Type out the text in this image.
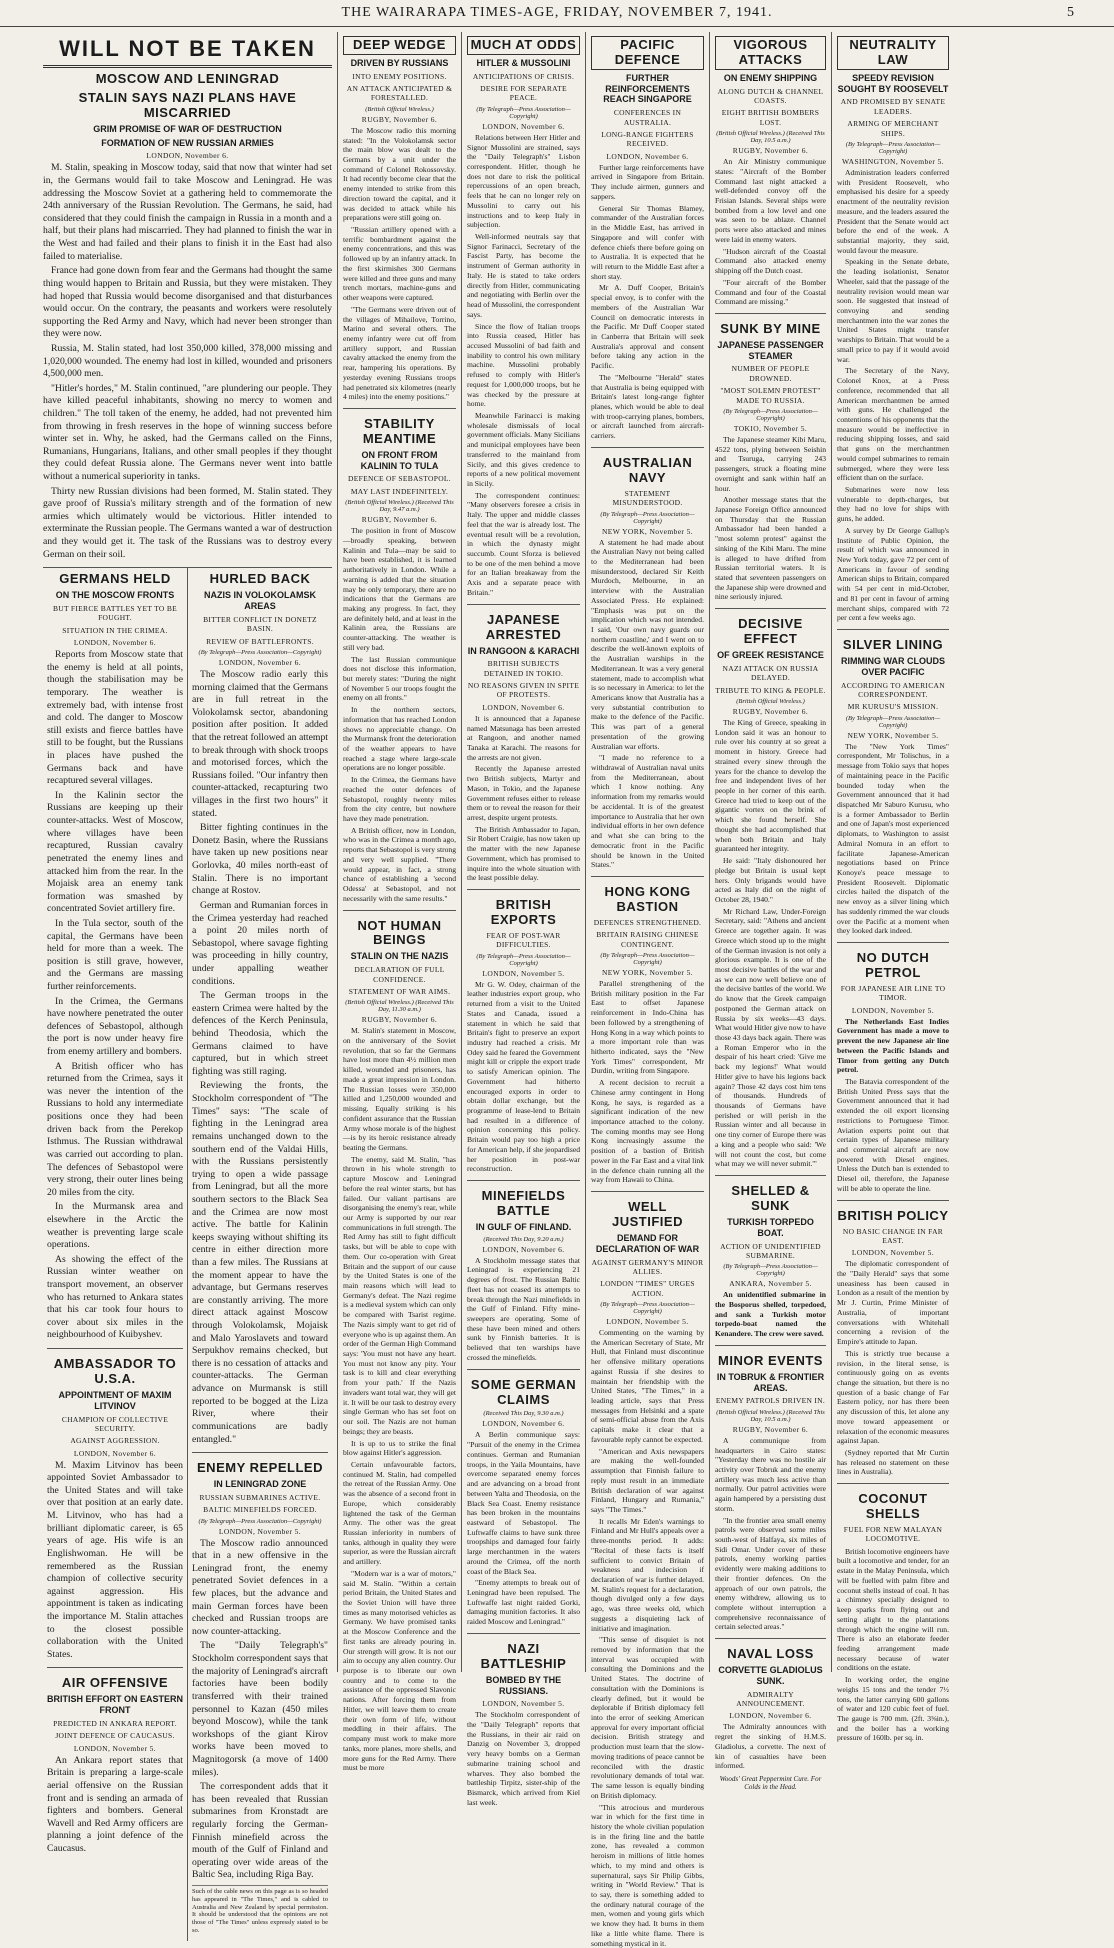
THE WAIRARAPA TIMES-AGE, FRIDAY, NOVEMBER 7, 1941.	5
WILL NOT BE TAKEN
MOSCOW AND LENINGRAD
STALIN SAYS NAZI PLANS HAVE MISCARRIED
GRIM PROMISE OF WAR OF DESTRUCTION
FORMATION OF NEW RUSSIAN ARMIES
LONDON, November 6.

M. Stalin, speaking in Moscow today, said that now that winter had set in, the Germans would fail to take Moscow and Leningrad. He was addressing the Moscow Soviet at a gathering held to commemorate the 24th anniversary of the Russian Revolution. The Germans, he said, had considered that they could finish the campaign in Russia in a month and a half, but their plans had miscarried. They had planned to finish the war in the West and had failed and their plans to finish it in the East had also failed to materialise.

France had gone down from fear and the Germans had thought the same thing would happen to Britain and Russia, but they were mistaken. They had hoped that Russia would become disorganised and that disturbances would occur. On the contrary, the peasants and workers were resolutely supporting the Red Army and Navy, which had never been stronger than they were now.

Russia, M. Stalin stated, had lost 350,000 killed, 378,000 missing and 1,020,000 wounded. The enemy had lost in killed, wounded and prisoners 4,500,000 men.

"Hitler's hordes," M. Stalin continued, "are plundering our people. They have killed peaceful inhabitants, showing no mercy to women and children." The toll taken of the enemy, he added, had not prevented him from throwing in fresh reserves in the hope of winning success before winter set in. Why, he asked, had the Germans called on the Finns, Rumanians, Hungarians, Italians, and other small peoples if they thought they could defeat Russia alone. The Germans never went into battle without a numerical superiority in tanks.

Thirty new Russian divisions had been formed, M. Stalin stated. They gave proof of Russia's military strength and of the formation of new armies which ultimately would be victorious. Hitler intended to exterminate the Russian people. The Germans wanted a war of destruction and they would get it. The task of the Russians was to destroy every German on their soil.

GERMANS HELD
ON THE MOSCOW FRONTS
BUT FIERCE BATTLES YET TO BE FOUGHT.
SITUATION IN THE CRIMEA.
LONDON, November 6.

Reports from Moscow state that the enemy is held at all points, though the stabilisation may be temporary. The weather is extremely bad, with intense frost and cold. The danger to Moscow still exists and fierce battles have still to be fought, but the Russians in places have pushed the Germans back and have recaptured several villages.

In the Kalinin sector the Russians are keeping up their counter-attacks. West of Moscow, where villages have been recaptured, Russian cavalry penetrated the enemy lines and attacked him from the rear. In the Mojaisk area an enemy tank formation was smashed by concentrated Soviet artillery fire.

In the Tula sector, south of the capital, the Germans have been held for more than a week. The position is still grave, however, and the Germans are massing further reinforcements.

In the Crimea, the Germans have nowhere penetrated the outer defences of Sebastopol, although the port is now under heavy fire from enemy artillery and bombers.

A British officer who has returned from the Crimea, says it was never the intention of the Russians to hold any intermediate positions once they had been driven back from the Perekop Isthmus. The Russian withdrawal was carried out according to plan. The defences of Sebastopol were very strong, their outer lines being 20 miles from the city.

In the Murmansk area and elsewhere in the Arctic the weather is preventing large scale operations.

As showing the effect of the Russian winter weather on transport movement, an observer who has returned to Ankara states that his car took four hours to cover about six miles in the neighbourhood of Kuibyshev.

AMBASSADOR TO U.S.A.
APPOINTMENT OF MAXIM LITVINOV
CHAMPION OF COLLECTIVE SECURITY.
AGAINST AGGRESSION.
LONDON, November 6.

M. Maxim Litvinov has been appointed Soviet Ambassador to the United States and will take over that position at an early date. M. Litvinov, who has had a brilliant diplomatic career, is 65 years of age. His wife is an Englishwoman. He will be remembered as the Russian champion of collective security against aggression. His appointment is taken as indicating the importance M. Stalin attaches to the closest possible collaboration with the United States.

AIR OFFENSIVE
BRITISH EFFORT ON EASTERN FRONT
PREDICTED IN ANKARA REPORT.
JOINT DEFENCE OF CAUCASUS.
LONDON, November 5.

An Ankara report states that Britain is preparing a large-scale aerial offensive on the Russian front and is sending an armada of fighters and bombers. General Wavell and Red Army officers are planning a joint defence of the Caucasus.

HURLED BACK
NAZIS IN VOLOKOLAMSK AREAS
BITTER CONFLICT IN DONETZ BASIN.
REVIEW OF BATTLEFRONTS.
(By Telegraph—Press Association—Copyright)
LONDON, November 6.

The Moscow radio early this morning claimed that the Germans are in full retreat in the Volokolamsk sector, abandoning position after position. It added that the retreat followed an attempt to break through with shock troops and motorised forces, which the Russians foiled. "Our infantry then counter-attacked, recapturing two villages in the first two hours" it stated.

Bitter fighting continues in the Donetz Basin, where the Russians have taken up new positions near Gorlovka, 40 miles north-east of Stalin. There is no important change at Rostov.

German and Rumanian forces in the Crimea yesterday had reached a point 20 miles north of Sebastopol, where savage fighting was proceeding in hilly country, under appalling weather conditions.

The German troops in the eastern Crimea were halted by the defences of the Kerch Peninsula, behind Theodosia, which the Germans claimed to have captured, but in which street fighting was still raging.

Reviewing the fronts, the Stockholm correspondent of "The Times" says: "The scale of fighting in the Leningrad area remains unchanged down to the southern end of the Valdai Hills, with the Russians persistently trying to open a wide passage from Leningrad, but all the more southern sectors to the Black Sea and the Crimea are now most active. The battle for Kalinin keeps swaying without shifting its centre in either direction more than a few miles. The Russians at the moment appear to have the advantage, but Germans reserves are constantly arriving. The more direct attack against Moscow through Volokolamsk, Mojaisk and Malo Yaroslavets and toward Serpukhov remains checked, but there is no cessation of attacks and counter-attacks. The German advance on Murmansk is still reported to be bogged at the Liza River, where their communications are badly entangled."

ENEMY REPELLED
IN LENINGRAD ZONE
RUSSIAN SUBMARINES ACTIVE.
BALTIC MINEFIELDS FORCED.
(By Telegraph—Press Association—Copyright)
LONDON, November 5.

The Moscow radio announced that in a new offensive in the Leningrad front, the enemy penetrated Soviet defences in a few places, but the advance and main German forces have been checked and Russian troops are now counter-attacking.

The "Daily Telegraph's" Stockholm correspondent says that the majority of Leningrad's aircraft factories have been bodily transferred with their trained personnel to Kazan (450 miles beyond Moscow), while the tank workshops of the giant Kirov works have been moved to Magnitogorsk (a move of 1400 miles).

The correspondent adds that it has been revealed that Russian submarines from Kronstadt are regularly forcing the German-Finnish minefield across the mouth of the Gulf of Finland and operating over wide areas of the Baltic Sea, including Riga Bay.

Such of the cable news on this page as is so headed has appeared in "The Times," and is cabled to Australia and New Zealand by special permission. It should be understood that the opinions are not those of "The Times" unless expressly stated to be so.
DEEP WEDGE
DRIVEN BY RUSSIANS
INTO ENEMY POSITIONS.
AN ATTACK ANTICIPATED & FORESTALLED.
(British Official Wireless.)
RUGBY, November 6.

The Moscow radio this morning stated: "In the Volokolamsk sector the main blow was dealt to the Germans by a unit under the command of Colonel Rokossovsky. It had recently become clear that the enemy intended to strike from this direction toward the capital, and it was decided to attack while his preparations were still going on.

"Russian artillery opened with a terrific bombardment against the enemy concentrations, and this was followed up by an infantry attack. In the first skirmishes 300 Germans were killed and three guns and many trench mortars, machine-guns and other weapons were captured.

"The Germans were driven out of the villages of Mihailove, Torrino, Marino and several others. The enemy infantry were cut off from artillery support, and Russian cavalry attacked the enemy from the rear, hampering his operations. By yesterday evening Russians troops had penetrated six kilometres (nearly 4 miles) into the enemy positions."

STABILITY MEANTIME
ON FRONT FROM KALININ TO TULA
DEFENCE OF SEBASTOPOL.
MAY LAST INDEFINITELY.
(British Official Wireless.) (Received This Day, 9.47 a.m.)
RUGBY, November 6.

The position in front of Moscow—broadly speaking, between Kalinin and Tula—may be said to have been established, it is learned authoritatively in London. While a warning is added that the situation may be only temporary, there are no indications that the Germans are making any progress. In fact, they are definitely held, and at least in the Kalinin area, the Russians are counter-attacking. The weather is still very bad.

The last Russian communique does not disclose this information, but merely states: "During the night of November 5 our troops fought the enemy on all fronts."

In the northern sectors, information that has reached London shows no appreciable change. On the Murmansk front the deterioration of the weather appears to have reached a stage where large-scale operations are no longer possible.

In the Crimea, the Germans have reached the outer defences of Sebastopol, roughly twenty miles from the city centre, but nowhere have they made penetration.

A British officer, now in London, who was in the Crimea a month ago, reports that Sebastopol is very strong and very well supplied. "There would appear, in fact, a strong chance of establishing a 'second Odessa' at Sebastopol, and not necessarily with the same results."

NOT HUMAN BEINGS
STALIN ON THE NAZIS
DECLARATION OF FULL CONFIDENCE.
STATEMENT OF WAR AIMS.
(British Official Wireless.) (Received This Day, 11.30 a.m.)
RUGBY, November 6.

M. Stalin's statement in Moscow, on the anniversary of the Soviet revolution, that so far the Germans have lost more than 4½ million men killed, wounded and prisoners, has made a great impression in London. The Russian losses were 350,000 killed and 1,250,000 wounded and missing. Equally striking is his confident assurance that the Russian Army whose morale is of the highest—is by its heroic resistance already beating the Germans.

The enemy, said M. Stalin, "has thrown in his whole strength to capture Moscow and Leningrad before the real winter starts, but has failed. Our valiant partisans are disorganising the enemy's rear, while our Army is supported by our rear communications in full strength. The Red Army has still to fight difficult tasks, but will be able to cope with them. Our co-operation with Great Britain and the support of our cause by the United States is one of the main reasons which will lead to Germany's defeat. The Nazi regime is a medieval system which can only be compared with Tsarist regime. The Nazis simply want to get rid of everyone who is up against them. An order of the German High Command says: 'You must not have any heart. You must not know any pity. Your task is to kill and clear everything from your path.' If the Nazis invaders want total war, they will get it. It will be our task to destroy every single German who has set foot on our soil. The Nazis are not human beings; they are beasts.

It is up to us to strike the final blow against Hitler's aggression.

Certain unfavourable factors, continued M. Stalin, had compelled the retreat of the Russian Army. One was the absence of a second front in Europe, which considerably lightened the task of the German Army. The other was the great Russian inferiority in numbers of tanks, although in quality they were superior, as were the Russian aircraft and artillery.

"Modern war is a war of motors," said M. Stalin. "Within a certain period Britain, the United States and the Soviet Union will have three times as many motorised vehicles as Germany. We have promised tanks at the Moscow Conference and the first tanks are already pouring in. Our strength will grow. It is not our aim to occupy any alien country. Our purpose is to liberate our own country and to come to the assistance of the oppressed Slavonic nations. After forcing them from Hitler, we will leave them to create their own form of life, without meddling in their affairs. The company must work to make more tanks, more planes, more shells, and more guns for the Red Army. There must be more

MUCH AT ODDS
HITLER & MUSSOLINI
ANTICIPATIONS OF CRISIS.
DESIRE FOR SEPARATE PEACE.
(By Telegraph—Press Association—Copyright)
LONDON, November 6.

Relations between Herr Hitler and Signor Mussolini are strained, says the "Daily Telegraph's" Lisbon correspondent. Hitler, though he does not dare to risk the political repercussions of an open breach, feels that he can no longer rely on Mussolini to carry out his instructions and to keep Italy in subjection.

Well-informed neutrals say that Signor Farinacci, Secretary of the Fascist Party, has become the instrument of German authority in Italy. He is stated to take orders directly from Hitler, communicating and negotiating with Berlin over the head of Mussolini, the correspondent says.

Since the flow of Italian troops into Russia ceased, Hitler has accused Mussolini of bad faith and inability to control his own military machine. Mussolini probably refused to comply with Hitler's request for 1,000,000 troops, but he was checked by the pressure at home.

Meanwhile Farinacci is making wholesale dismissals of local government officials. Many Sicilians and municipal employees have been transferred to the mainland from Sicily, and this gives credence to reports of a new political movement in Sicily.

The correspondent continues: "Many observers foresee a crisis in Italy. The upper and middle classes feel that the war is already lost. The eventual result will be a revolution, in which the dynasty might succumb. Count Sforza is believed to be one of the men behind a move for an Italian breakaway from the Axis and a separate peace with Britain."

JAPANESE ARRESTED
IN RANGOON & KARACHI
BRITISH SUBJECTS DETAINED IN TOKIO.
NO REASONS GIVEN IN SPITE OF PROTESTS.
LONDON, November 6.

It is announced that a Japanese named Matsunaga has been arrested at Rangoon, and another named Tanaka at Karachi. The reasons for the arrests are not given.

Recently the Japanese arrested two British subjects, Martyr and Mason, in Tokio, and the Japanese Government refuses either to release them or to reveal the reason for their arrest, despite urgent protests.

The British Ambassador to Japan, Sir Robert Craigie, has now taken up the matter with the new Japanese Government, which has promised to inquire into the whole situation with the least possible delay.

BRITISH EXPORTS
FEAR OF POST-WAR DIFFICULTIES.
(By Telegraph—Press Association—Copyright)
LONDON, November 5.

Mr G. W. Odey, chairman of the leather industries export group, who returned from a visit to the United States and Canada, issued a statement in which he said that Britain's fight to preserve an export industry had reached a crisis. Mr Odey said he feared the Government might kill or cripple the export trade to satisfy American opinion. The Government had hitherto encouraged exports in order to obtain dollar exchange, but the programme of lease-lend to Britain had resulted in a difference of opinion concerning this policy. Britain would pay too high a price for American help, if she jeopardised her position in post-war reconstruction.

MINEFIELDS BATTLE
IN GULF OF FINLAND.
(Received This Day, 9.20 a.m.)
LONDON, November 6.

A Stockholm message states that Leningrad is experiencing 21 degrees of frost. The Russian Baltic fleet has not ceased its attempts to break through the Nazi minefields in the Gulf of Finland. Fifty mine-sweepers are operating. Some of these have been mined and others sunk by Finnish batteries. It is believed that ten warships have crossed the minefields.

SOME GERMAN CLAIMS
(Received This Day, 9.30 a.m.)
LONDON, November 6.

A Berlin communique says: "Pursuit of the enemy in the Crimea continues. German and Rumanian troops, in the Yaila Mountains, have overcome separated enemy forces and are advancing on a broad front between Yalta and Theodosia, on the Black Sea Coast. Enemy resistance has been broken in the mountains eastward of Sebastopol. The Luftwaffe claims to have sunk three troopships and damaged four fairly large merchantmen in the waters around the Crimea, off the north coast of the Black Sea.

"Enemy attempts to break out of Leningrad have been repulsed. The Luftwaffe last night raided Gorki, damaging munition factories. It also raided Moscow and Leningrad."

NAZI BATTLESHIP
BOMBED BY THE RUSSIANS.
LONDON, November 5.

The Stockholm correspondent of the "Daily Telegraph" reports that the Russians, in their air raid on Danzig on November 3, dropped very heavy bombs on a German submarine training school and wharves. They also bombed the battleship Tirpitz, sister-ship of the Bismarck, which arrived from Kiel last week.

PACIFIC DEFENCE
FURTHER REINFORCEMENTS REACH SINGAPORE
CONFERENCES IN AUSTRALIA.
LONG-RANGE FIGHTERS RECEIVED.
LONDON, November 6.

Further large reinforcements have arrived in Singapore from Britain. They include airmen, gunners and sappers.

General Sir Thomas Blamey, commander of the Australian forces in the Middle East, has arrived in Singapore and will confer with defence chiefs there before going on to Australia. It is expected that he will return to the Middle East after a short stay.

Mr A. Duff Cooper, Britain's special envoy, is to confer with the members of the Australian War Council on democratic interests in the Pacific. Mr Duff Cooper stated in Canberra that Britain will seek Australia's approval and consent before taking any action in the Pacific.

The "Melbourne "Herald" states that Australia is being equipped with Britain's latest long-range fighter planes, which would be able to deal with troop-carrying planes, bombers, or aircraft launched from aircraft-carriers.

AUSTRALIAN NAVY
STATEMENT MISUNDERSTOOD.
(By Telegraph—Press Association—Copyright)
NEW YORK, November 5.

A statement he had made about the Australian Navy not being called to the Mediterranean had been misunderstood, declared Sir Keith Murdoch, Melbourne, in an interview with the Australian Associated Press. He explained: "Emphasis was put on the implication which was not intended. I said, 'Our own navy guards our northern coastline,' and I went on to describe the well-known exploits of the Australian warships in the Mediterranean. It was a very general statement, made to accomplish what is so necessary in America: to let the Americans know that Australia has a very substantial contribution to make to the defence of the Pacific. This was part of a general presentation of the growing Australian war efforts.

"I made no reference to a withdrawal of Australian naval units from the Mediterranean, about which I know nothing. Any information from my remarks would be accidental. It is of the greatest importance to Australia that her own individual efforts in her own defence and what she can bring to the democratic front in the Pacific should be known in the United States."

HONG KONG BASTION
DEFENCES STRENGTHENED.
BRITAIN RAISING CHINESE CONTINGENT.
(By Telegraph—Press Association—Copyright)
NEW YORK, November 5.

Parallel strengthening of the British military position in the Far East to offset Japanese reinforcement in Indo-China has been followed by a strengthening of Hong Kong in a way which points to a more important role than was hitherto indicated, says the "New York Times" correspondent, Mr Durdin, writing from Singapore.

A recent decision to recruit a Chinese army contingent in Hong Kong, he says, is regarded as a significant indication of the new importance attached to the colony. The coming months may see Hong Kong increasingly assume the position of a bastion of British power in the Far East and a vital link in the defence chain running all the way from Hawaii to China.

WELL JUSTIFIED
DEMAND FOR DECLARATION OF WAR
AGAINST GERMANY'S MINOR ALLIES.
LONDON "TIMES" URGES ACTION.
(By Telegraph—Press Association—Copyright)
LONDON, November 5.

Commenting on the warning by the American Secretary of State, Mr Hull, that Finland must discontinue her offensive military operations against Russia if she desires to maintain her friendship with the United States, "The Times," in a leading article, says that Press messages from Helsinki and a spate of semi-official abuse from the Axis capitals make it clear that a favourable reply cannot be expected.

"American and Axis newspapers are making the well-founded assumption that Finnish failure to reply must result in an immediate British declaration of war against Finland, Hungary and Rumania," says "The Times."

It recalls Mr Eden's warnings to Finland and Mr Hull's appeals over a three-months period. It adds: "Recital of these facts is itself sufficient to convict Britain of weakness and indecision if declaration of war is further delayed. M. Stalin's request for a declaration, though divulged only a few days ago, was three weeks old, which suggests a disquieting lack of initiative and imagination.

"This sense of disquiet is not removed by information that the interval was occupied with consulting the Dominions and the United States. The doctrine of consultation with the Dominions is clearly defined, but it would be deplorable if British diplomacy fell into the error of seeking American approval for every important official decision. British strategy and production must learn that the slow-moving traditions of peace cannot be reconciled with the drastic revolutionary demands of total war. The same lesson is equally binding on British diplomacy.

"This atrocious and murderous war in which for the first time in history the whole civilian population is in the firing line and the battle zone, has revealed a common heroism in millions of little homes which, to my mind and others is supernatural, says Sir Philip Gibbs, writing in "World Review." That is to say, there is something added to the ordinary natural courage of the men, women and young girls which we know they had. It burns in them like a little white flame. There is something mystical in it.

VIGOROUS ATTACKS
ON ENEMY SHIPPING
ALONG DUTCH & CHANNEL COASTS.
EIGHT BRITISH BOMBERS LOST.
(British Official Wireless.) (Received This Day, 10.5 a.m.)
RUGBY, November 6.

An Air Ministry communique states: "Aircraft of the Bomber Command last night attacked a well-defended convoy off the Frisian Islands. Several ships were bombed from a low level and one was seen to be ablaze. Channel ports were also attacked and mines were laid in enemy waters.

"Hudson aircraft of the Coastal Command also attacked enemy shipping off the Dutch coast.

"Four aircraft of the Bomber Command and four of the Coastal Command are missing."

SUNK BY MINE
JAPANESE PASSENGER STEAMER
NUMBER OF PEOPLE DROWNED.
"MOST SOLEMN PROTEST" MADE TO RUSSIA.
(By Telegraph—Press Association—Copyright)
TOKIO, November 5.

The Japanese steamer Kibi Maru, 4522 tons, plying between Seishin and Tsuruga, carrying 243 passengers, struck a floating mine overnight and sank within half an hour.

Another message states that the Japanese Foreign Office announced on Thursday that the Russian Ambassador had been handed a "most solemn protest" against the sinking of the Kibi Maru. The mine is alleged to have drifted from Russian territorial waters. It is stated that seventeen passengers on the Japanese ship were drowned and nine seriously injured.

DECISIVE EFFECT
OF GREEK RESISTANCE
NAZI ATTACK ON RUSSIA DELAYED.
TRIBUTE TO KING & PEOPLE.
(British Official Wireless.)
RUGBY, November 6.

The King of Greece, speaking in London said it was an honour to rule over his country at so great a moment in history. Greece had strained every sinew through the years for the chance to develop the free and independent lives of her people in her corner of this earth. Greece had tried to keep out of the gigantic vortex on the brink of which she found herself. She thought she had accomplished that when both Britain and Italy guaranteed her integrity.

He said: "Italy dishonoured her pledge but Britain is usual kept hers. Only brigands would have acted as Italy did on the night of October 28, 1940."

Mr Richard Law, Under-Foreign Secretary, said: "Athens and ancient Greece are together again. It was Greece which stood up to the might of the German invasion is not only a glorious example. It is one of the most decisive battles of the war and as we can now well believe one of the decisive battles of the world. We do know that the Greek campaign postponed the German attack on Russia by six weeks—43 days. What would Hitler give now to have those 43 days back again. There was a Roman Emperor who in the despair of his heart cried: 'Give me back my legions!' What would Hitler give to have his legions back again? Those 42 days cost him tens of thousands. Hundreds of thousands of Germans have perished or will perish in the Russian winter and all because in one tiny corner of Europe there was a king and a people who said: 'We will not count the cost, but come what may we will never submit.'"

SHELLED & SUNK
TURKISH TORPEDO BOAT.
ACTION OF UNIDENTIFIED SUBMARINE.
(By Telegraph—Press Association—Copyright)
ANKARA, November 5.

An unidentified submarine in the Bosporus shelled, torpedoed, and sank a Turkish motor torpedo-boat named the Kenandere. The crew were saved.

MINOR EVENTS
IN TOBRUK & FRONTIER AREAS.
ENEMY PATROLS DRIVEN IN.
(British Official Wireless.) (Received This Day, 10.5 a.m.)
RUGBY, November 6.

A communique from headquarters in Cairo states: "Yesterday there was no hostile air activity over Tobruk and the enemy artillery was much less active than normally. Our patrol activities were again hampered by a persisting dust storm.

"In the frontier area small enemy patrols were observed some miles south-west of Halfaya, six miles of Sidi Omar. Under cover of these patrols, enemy working parties evidently were making additions to their frontier defences. On the approach of our own patrols, the enemy withdrew, allowing us to complete without interruption a comprehensive reconnaissance of certain selected areas."

NAVAL LOSS
CORVETTE GLADIOLUS SUNK.
ADMIRALTY ANNOUNCEMENT.
LONDON, November 6.

The Admiralty announces with regret the sinking of H.M.S. Gladiolus, a corvette. The next of kin of casualties have been informed.

Woods' Great Peppermint Cure. For Colds in the Head.
NEUTRALITY LAW
SPEEDY REVISION SOUGHT BY ROOSEVELT
AND PROMISED BY SENATE LEADERS.
ARMING OF MERCHANT SHIPS.
(By Telegraph—Press Association—Copyright)
WASHINGTON, November 5.

Administration leaders conferred with President Roosevelt, who emphasised his desire for a speedy enactment of the neutrality revision measure, and the leaders assured the President that the Senate would act before the end of the week. A substantial majority, they said, would favour the measure.

Speaking in the Senate debate, the leading isolationist, Senator Wheeler, said that the passage of the neutrality revision would mean war soon. He suggested that instead of convoying and sending merchantmen into the war zones the United States might transfer warships to Britain. That would be a small price to pay if it would avoid war.

The Secretary of the Navy, Colonel Knox, at a Press conference, recommended that all American merchantmen be armed with guns. He challenged the contentions of his opponents that the measure would be ineffective in reducing shipping losses, and said that guns on the merchantmen would compel submarines to remain submerged, where they were less efficient than on the surface.

Submarines were now less vulnerable to depth-charges, but they had no love for ships with guns, he added.

A survey by Dr George Gallup's Institute of Public Opinion, the result of which was announced in New York today, gave 72 per cent of Americans in favour of sending American ships to Britain, compared with 54 per cent in mid-October, and 81 per cent in favour of arming merchant ships, compared with 72 per cent a few weeks ago.

SILVER LINING
RIMMING WAR CLOUDS OVER PACIFIC
ACCORDING TO AMERICAN CORRESPONDENT.
MR KURUSU'S MISSION.
(By Telegraph—Press Association—Copyright)
NEW YORK, November 5.

The "New York Times" correspondent, Mr Tolischus, in a message from Tokio says that hopes of maintaining peace in the Pacific bounded today when the Government announced that it had dispatched Mr Saburo Kurusu, who is a former Ambassador to Berlin and one of Japan's most experienced diplomats, to Washington to assist Admiral Nomura in an effort to facilitate Japanese-American negotiations based on Prince Konoye's peace message to President Roosevelt. Diplomatic circles hailed the dispatch of the new envoy as a silver lining which has suddenly rimmed the war clouds over the Pacific at a moment when they looked dark indeed.

NO DUTCH PETROL
FOR JAPANESE AIR LINE TO TIMOR.
LONDON, November 5.

The Netherlands East Indies Government has made a move to prevent the new Japanese air line between the Pacific Islands and Timor from getting any Dutch petrol.

The Batavia correspondent of the British United Press says that the Government announced that it had extended the oil export licensing restrictions to Portuguese Timor. Aviation experts point out that certain types of Japanese military and commercial aircraft are now powered with Diesel engines. Unless the Dutch ban is extended to Diesel oil, therefore, the Japanese will be able to operate the line.

BRITISH POLICY
NO BASIC CHANGE IN FAR EAST.
LONDON, November 5.

The diplomatic correspondent of the "Daily Herald" says that some uneasiness has been caused in London as a result of the mention by Mr J. Curtin, Prime Minister of Australia, of important conversations with Whitehall concerning a revision of the Empire's attitude to Japan.

This is strictly true because a revision, in the literal sense, is continuously going on as events change the situation, but there is no question of a basic change of Far Eastern policy, nor has there been any discussion of this, let alone any move toward appeasement or relaxation of the economic measures against Japan.

(Sydney reported that Mr Curtin has released no statement on these lines in Australia).

COCONUT SHELLS
FUEL FOR NEW MALAYAN LOCOMOTIVE.

British locomotive engineers have built a locomotive and tender, for an estate in the Malay Peninsula, which will be fuelled with palm fibre and coconut shells instead of coal. It has a chimney specially designed to keep sparks from flying out and setting alight to the plantations through which the engine will run. There is also an elaborate feeder feeding arrangement made necessary because of water conditions on the estate.

In working order, the engine weighs 15 tons and the tender 7½ tons, the latter carrying 600 gallons of water and 120 cubic feet of fuel. The gauge is 700 mm. (2ft. 3⅝in.), and the boiler has a working pressure of 160lb. per sq. in.
